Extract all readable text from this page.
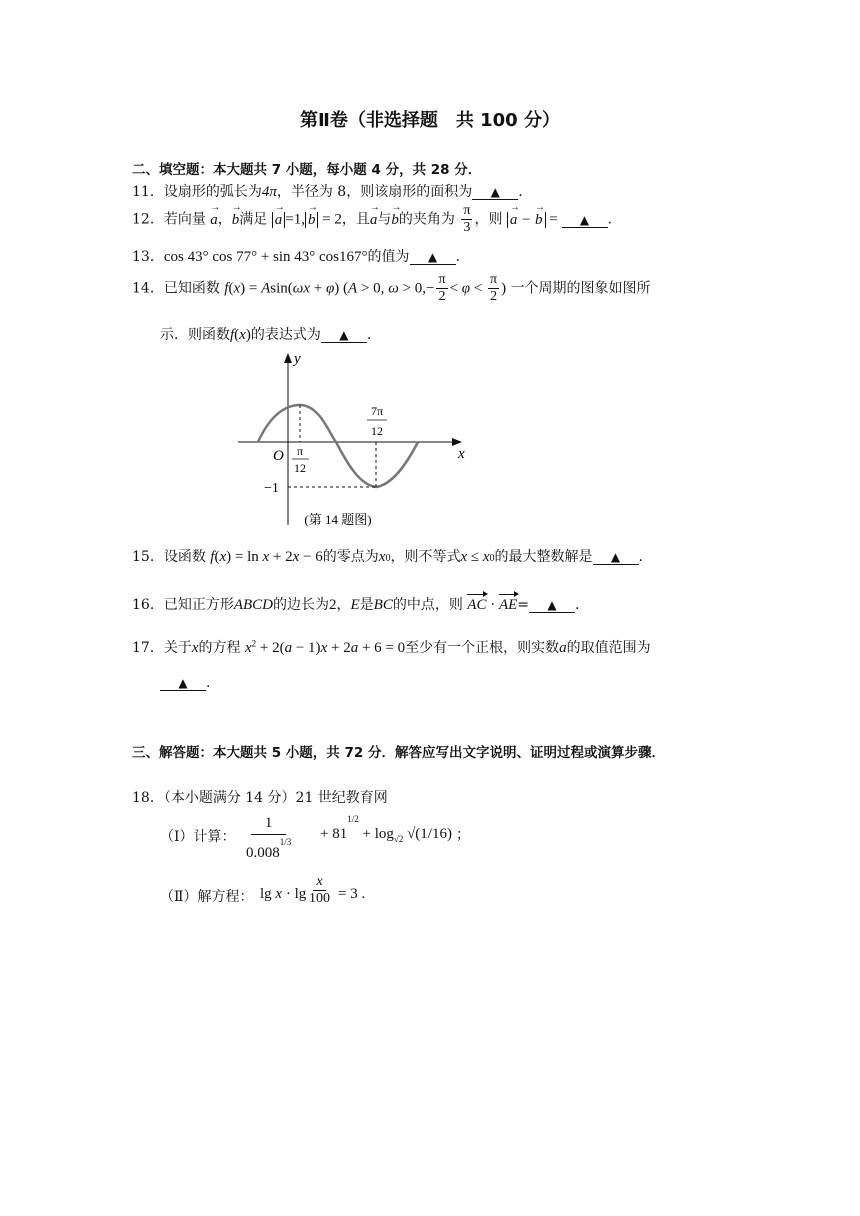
第Ⅱ卷（非选择题　共 100 分）
二、填空题：本大题共 7 小题，每小题 4 分，共 28 分．
11．设扇形的弧长为4π，半径为 8，则该扇形的面积为 ▲ .
12．若向量 → a，→ b满足 → a =1, → b = 2，且→ a与→ b的夹角为 $\frac{\pi}{3}$ ，则 → a − → b = ▲ .
13．cos 43° cos 77° + sin 43° cos167°的值为 ▲ .
14．已知函数 f(x) = Asin(ωx + φ) (A > 0, $\omega > 0,- \frac{\pi}{2} < \varphi < \frac{\pi}{2}$ ) 一个周期的图象如图所
示．则函数f(x)的表达式为 ▲ .
y
x
O π
12
7π
12
−1
(第 14 题图)
15．设函数 f(x) = ln x + 2x − 6的零点为x0，则不等式x ≤ x0的最大整数解是 ▲ .
16．已知正方形ABCD的边长为2，E是BC的中点，则 AC · AE= ▲ .
17．关于x的方程 $x^2 + 2(a - 1)x + 2a + 6 = 0$至少有一个正根，则实数a的取值范围为
▲ .
三、解答题：本大题共 5 小题，共 72 分．解答应写出文字说明、证明过程或演算步骤．
18．（本小题满分 14 分）21 世纪教育网
（Ⅰ）计算：
1
$0.008^{1/3} + 81^{1/2} + \log_{√2} √(1/16)$ ；
（Ⅱ）解方程： lg x · lg
x
100 = 3 .
